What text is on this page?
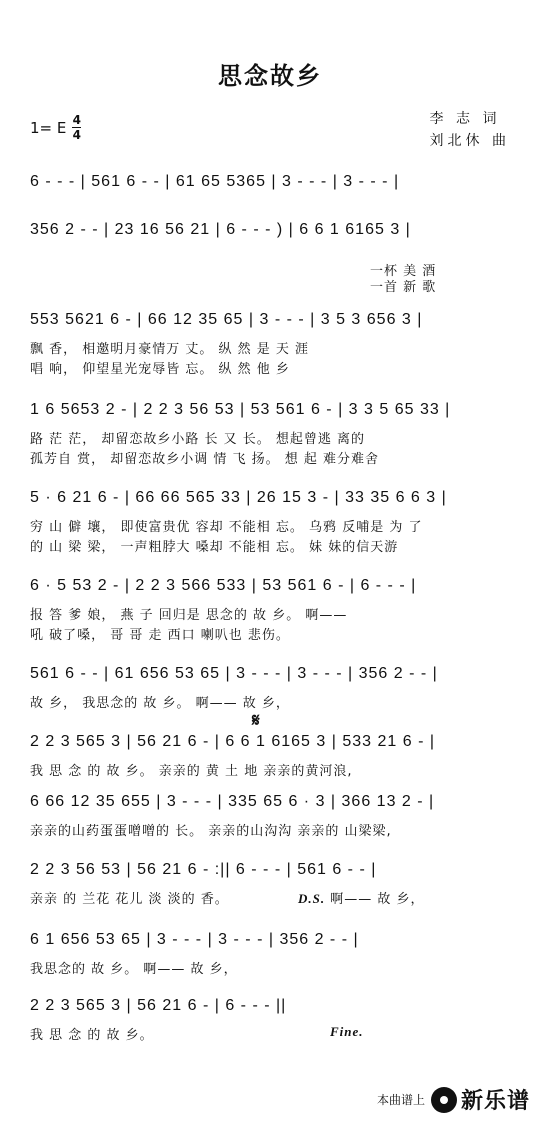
思念故乡
1= E 4
4
李 志 词
刘北休 曲
6 - - - | 561 6 - - | 61 65 5365 | 3 - - - | 3 - - - |
356 2 - - | 23 16 56 21 | 6 - - - ) | 6 6 1 6165 3 |
一杯 美 酒
一首 新 歌
553 5621 6 - | 66 12 35 65 | 3 - - - | 3 5 3 656 3 |
飘 香， 相邀明月豪情万 丈。 纵 然 是 天 涯
唱 响， 仰望星光宠辱皆 忘。 纵 然 他 乡
1 6 5653 2 - | 2 2 3 56 53 | 53 561 6 - | 3 3 5 65 33 |
路 茫 茫， 却留恋故乡小路 长 又 长。 想起曾逃 离的
孤芳自 赏， 却留恋故乡小调 情 飞 扬。 想 起 难分难舍
5 · 6 21 6 - | 66 66 565 33 | 26 15 3 - | 33 35 6 6 3 |
穷 山 僻 壤， 即使富贵优 容却 不能相 忘。 乌鸦 反哺是 为 了
的 山 梁 梁， 一声粗脖大 嗓却 不能相 忘。 妹 妹的信天游
6 · 5 53 2 - | 2 2 3 566 533 | 53 561 6 - | 6 - - - |
报 答 爹 娘， 燕 子 回归是 思念的 故 乡。 啊——
吼 破了嗓， 哥 哥 走 西口 喇叭也 悲伤。
561 6 - - | 61 656 53 65 | 3 - - - | 3 - - - | 356 2 - - |
故 乡， 我思念的 故 乡。 啊—— 故 乡，
𝄋
2 2 3 565 3 | 56 21 6 - | 6 6 1 6165 3 | 533 21 6 - |
我 思 念 的 故 乡。 亲亲的 黄 土 地 亲亲的黄河浪,
6 66 12 35 655 | 3 - - - | 335 65 6 · 3 | 366 13 2 - |
亲亲的山药蛋蛋噌噌的 长。 亲亲的山沟沟 亲亲的 山梁梁,
2 2 3 56 53 | 56 21 6 - :|| 6 - - - | 561 6 - - |
亲亲 的 兰花 花儿 淡 淡的 香。	D.S. 啊—— 故 乡，
6 1 656 53 65 | 3 - - - | 3 - - - | 356 2 - - |
我思念的 故 乡。 啊—— 故 乡，
2 2 3 565 3 | 56 21 6 - | 6 - - - ||
我 思 念 的 故 乡。	Fine.
本曲谱上 新乐谱
